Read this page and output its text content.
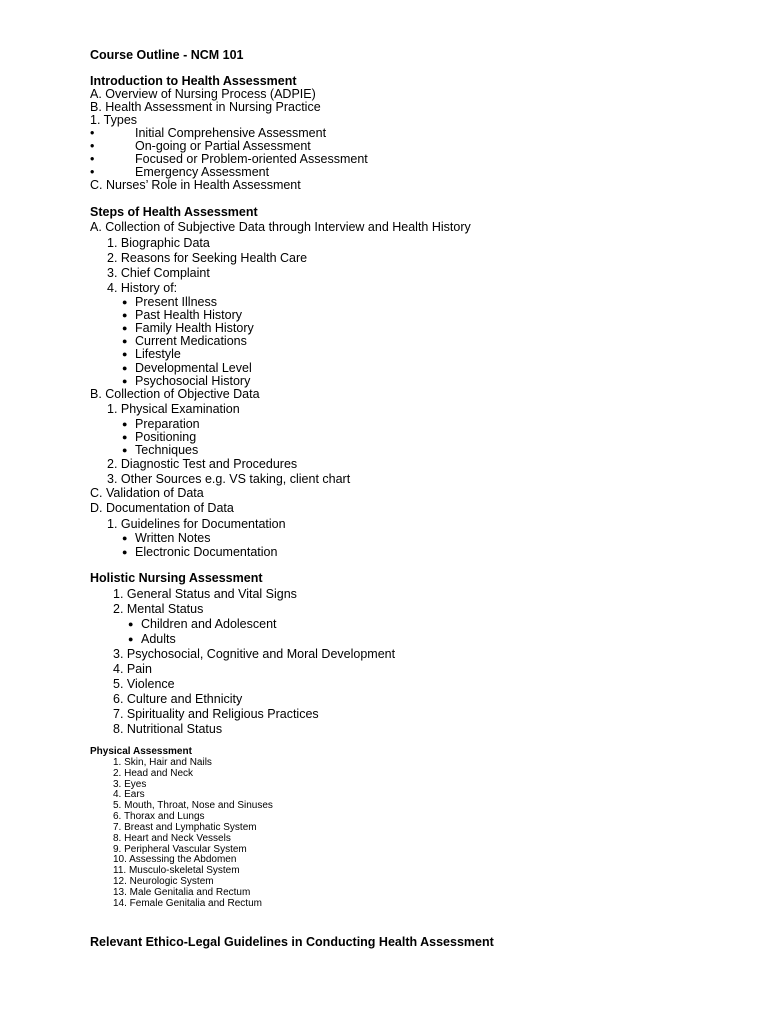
Course Outline - NCM 101
Introduction to Health Assessment
A. Overview of Nursing Process (ADPIE)
B. Health Assessment in Nursing Practice
1. Types
•	Initial Comprehensive Assessment
•	On-going or Partial Assessment
•	Focused or Problem-oriented Assessment
•	Emergency Assessment
C. Nurses’ Role in Health Assessment
Steps of Health Assessment
A. Collection of Subjective Data through Interview and Health History
1. Biographic Data
2. Reasons for Seeking Health Care
3. Chief Complaint
4. History of:
● Present Illness
● Past Health History
● Family Health History
● Current Medications
● Lifestyle
● Developmental Level
● Psychosocial History
B. Collection of Objective Data
1. Physical Examination
● Preparation
● Positioning
● Techniques
2. Diagnostic Test and Procedures
3. Other Sources e.g. VS taking, client chart
C. Validation of Data
D. Documentation of Data
1. Guidelines for Documentation
● Written Notes
● Electronic Documentation
Holistic Nursing Assessment
1. General Status and Vital Signs
2. Mental Status
● Children and Adolescent
● Adults
3. Psychosocial, Cognitive and Moral Development
4. Pain
5. Violence
6. Culture and Ethnicity
7. Spirituality and Religious Practices
8. Nutritional Status
Physical Assessment
1. Skin, Hair and Nails
2. Head and Neck
3. Eyes
4. Ears
5. Mouth, Throat, Nose and Sinuses
6. Thorax and Lungs
7. Breast and Lymphatic System
8. Heart and Neck Vessels
9. Peripheral Vascular System
10. Assessing the Abdomen
11. Musculo-skeletal System
12. Neurologic System
13. Male Genitalia and Rectum
14. Female Genitalia and Rectum
Relevant Ethico-Legal Guidelines in Conducting Health Assessment
